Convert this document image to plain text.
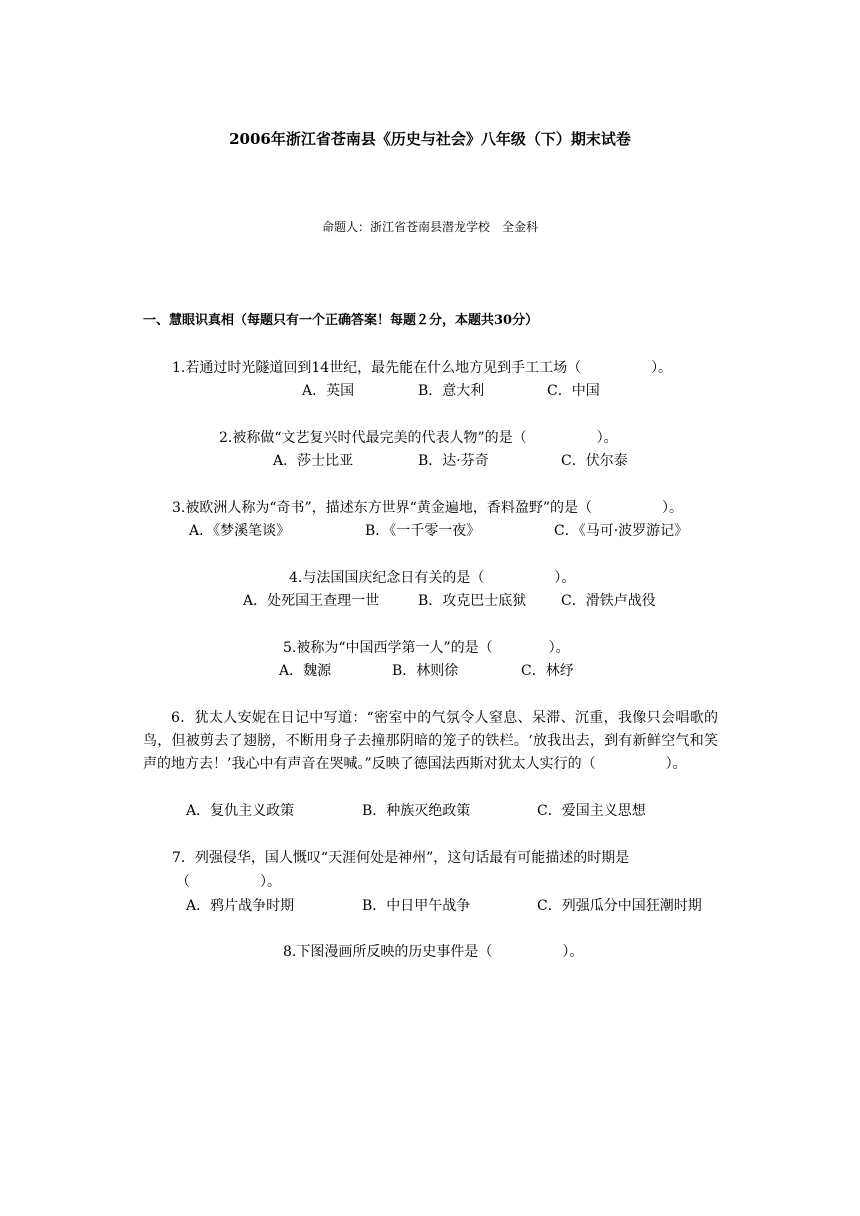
2006年浙江省苍南县《历史与社会》八年级（下）期末试卷
命题人：浙江省苍南县潜龙学校　全金科
一、慧眼识真相（每题只有一个正确答案！每题２分，本题共30分）
1.若通过时光隧道回到14世纪，最先能在什么地方见到手工工场（　　　　　）。
A．英国	B．意大利	C．中国
2.被称做“文艺复兴时代最完美的代表人物”的是（　　　　　）。
A．莎士比亚	B．达·芬奇	C．伏尔泰
3.被欧洲人称为“奇书”，描述东方世界“黄金遍地，香料盈野”的是（　　　　　）。
A．《梦溪笔谈》	B．《一千零一夜》	C．《马可·波罗游记》
4.与法国国庆纪念日有关的是（　　　　　）。
A．处死国王查理一世	B．攻克巴士底狱 C．滑铁卢战役
5.被称为“中国西学第一人”的是（　　　　）。
A．魏源	B．林则徐	C．林纾
6．犹太人安妮在日记中写道：“密室中的气氛令人窒息、呆滞、沉重，我像只会唱歌的鸟，但被剪去了翅膀，不断用身子去撞那阴暗的笼子的铁栏。‘放我出去，到有新鲜空气和笑声的地方去！’我心中有声音在哭喊。”反映了德国法西斯对犹太人实行的（　　　　　）。
A．复仇主义政策	B．种族灭绝政策	C．爱国主义思想
7．列强侵华，国人慨叹“天涯何处是神州”，这句话最有可能描述的时期是
（　　　　　）。
A．鸦片战争时期	B．中日甲午战争	C．列强瓜分中国狂潮时期
8.下图漫画所反映的历史事件是（　　　　　）。
